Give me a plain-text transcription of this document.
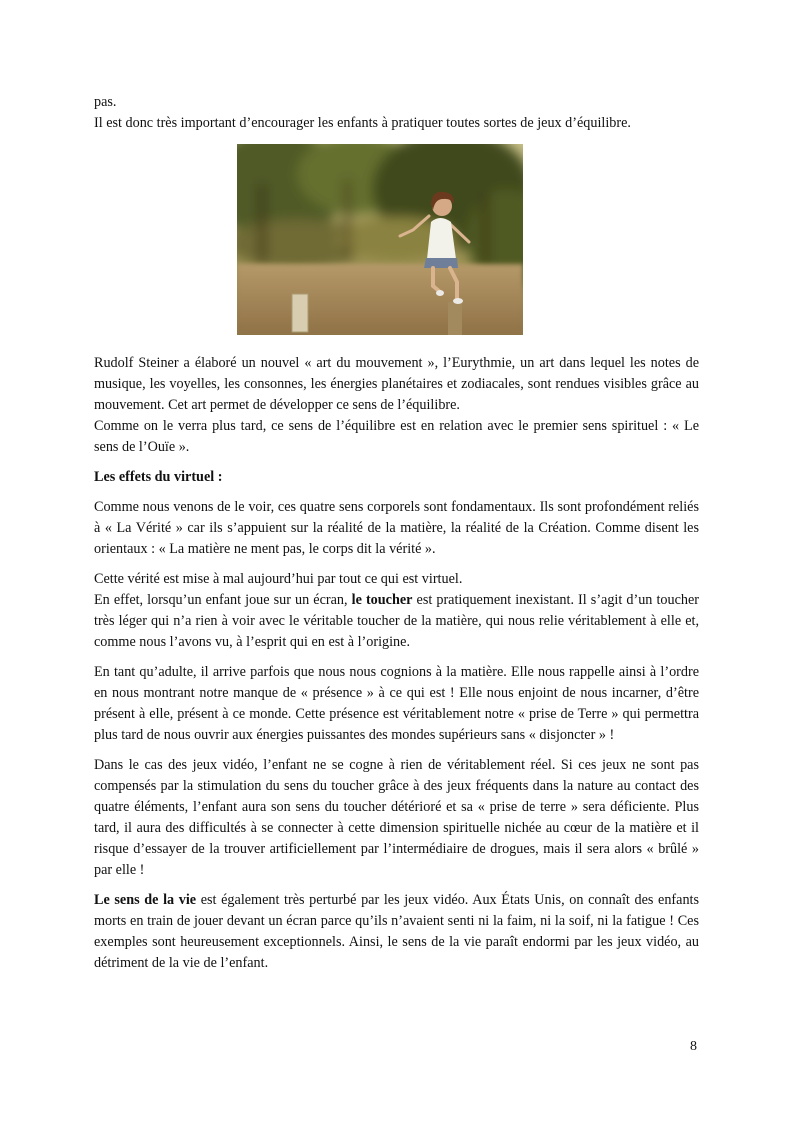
pas.
Il est donc très important d’encourager les enfants à pratiquer toutes sortes de jeux d’équilibre.

Rudolf Steiner a élaboré un nouvel « art du mouvement », l’Eurythmie, un art dans lequel les notes de musique, les voyelles, les consonnes, les énergies planétaires et zodiacales, sont rendues visibles grâce au mouvement. Cet art permet de développer ce sens de l’équilibre.

Comme on le verra plus tard, ce sens de l’équilibre est en relation avec le premier sens spirituel : « Le sens de l’Ouïe ».

Les effets du virtuel :

Comme nous venons de le voir, ces quatre sens corporels sont fondamentaux. Ils sont profondément reliés à « La Vérité » car ils s’appuient sur la réalité de la matière, la réalité de la Création. Comme disent les orientaux : « La matière ne ment pas, le corps dit la vérité ».

Cette vérité est mise à mal aujourd’hui par tout ce qui est virtuel.
En effet, lorsqu’un enfant joue sur un écran, le toucher est pratiquement inexistant. Il s’agit d’un toucher très léger qui n’a rien à voir avec le véritable toucher de la matière, qui nous relie véritablement à elle et, comme nous l’avons vu, à l’esprit qui en est à l’origine.

En tant qu’adulte, il arrive parfois que nous nous cognions à la matière. Elle nous rappelle ainsi à l’ordre en nous montrant notre manque de « présence » à ce qui est ! Elle nous enjoint de nous incarner, d’être présent à elle, présent à ce monde. Cette présence est véritablement notre « prise de Terre » qui permettra plus tard de nous ouvrir aux énergies puissantes des mondes supérieurs sans « disjoncter » !

Dans le cas des jeux vidéo, l’enfant ne se cogne à rien de véritablement réel. Si ces jeux ne sont pas compensés par la stimulation du sens du toucher grâce à des jeux fréquents dans la nature au contact des quatre éléments, l’enfant aura son sens du toucher détérioré et sa « prise de terre » sera déficiente. Plus tard, il aura des difficultés à se connecter à cette dimension spirituelle nichée au cœur de la matière et il risque d’essayer de la trouver artificiellement par l’intermédiaire de drogues, mais il sera alors « brûlé » par elle !

Le sens de la vie est également très perturbé par les jeux vidéo. Aux États Unis, on connaît des enfants morts en train de jouer devant un écran parce qu’ils n’avaient senti ni la faim, ni la soif, ni la fatigue ! Ces exemples sont heureusement exceptionnels. Ainsi, le sens de la vie paraît endormi par les jeux vidéo, au détriment de la vie de l’enfant.

8
